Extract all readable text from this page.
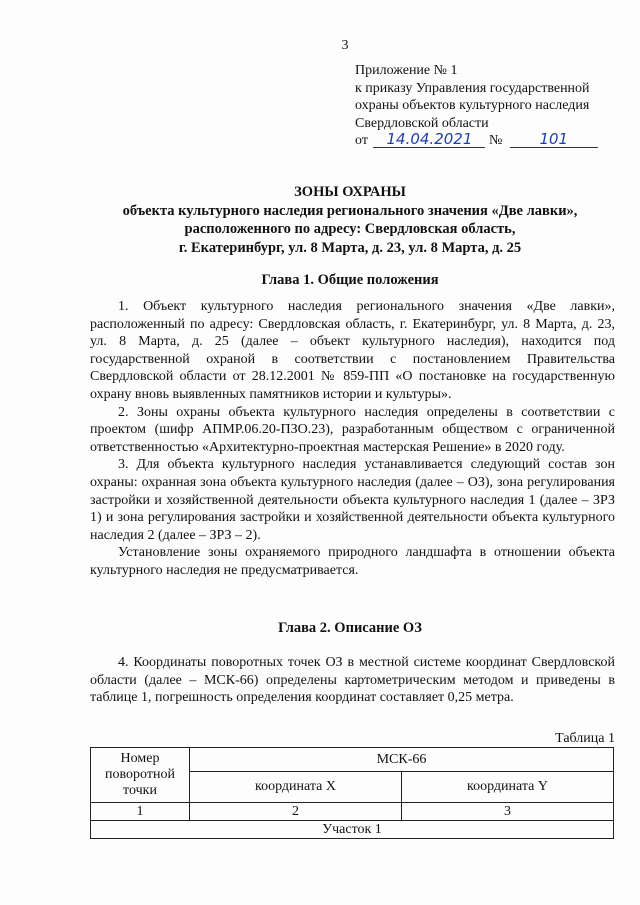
3
Приложение № 1
к приказу Управления государственной
охраны объектов культурного наследия
Свердловской области
от 14.04.2021 № 101
ЗОНЫ ОХРАНЫ
объекта культурного наследия регионального значения «Две лавки»,
расположенного по адресу: Свердловская область,
г. Екатеринбург, ул. 8 Марта, д. 23, ул. 8 Марта, д. 25
Глава 1. Общие положения

1. Объект культурного наследия регионального значения «Две лавки», расположенный по адресу: Свердловская область, г. Екатеринбург, ул. 8 Марта, д. 23, ул. 8 Марта, д. 25 (далее – объект культурного наследия), находится под государственной охраной в соответствии с постановлением Правительства Свердловской области от 28.12.2001 № 859-ПП «О постановке на государственную охрану вновь выявленных памятников истории и культуры».

2. Зоны охраны объекта культурного наследия определены в соответствии с проектом (шифр АПМР.06.20-ПЗО.23), разработанным обществом с ограниченной ответственностью «Архитектурно-проектная мастерская Решение» в 2020 году.

3. Для объекта культурного наследия устанавливается следующий состав зон охраны: охранная зона объекта культурного наследия (далее – ОЗ), зона регулирования застройки и хозяйственной деятельности объекта культурного наследия 1 (далее – ЗРЗ 1) и зона регулирования застройки и хозяйственной деятельности объекта культурного наследия 2 (далее – ЗРЗ – 2).

Установление зоны охраняемого природного ландшафта в отношении объекта культурного наследия не предусматривается.

Глава 2. Описание ОЗ

4. Координаты поворотных точек ОЗ в местной системе координат Свердловской области (далее – МСК-66) определены картометрическим методом и приведены в таблице 1, погрешность определения координат составляет 0,25 метра.

Таблица 1
Номер поворотной точки	МСК-66	
	координата X	координата Y
1	2	3
Участок 1		
